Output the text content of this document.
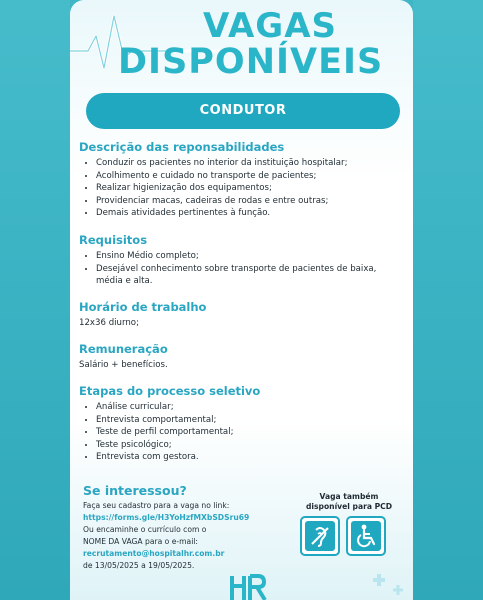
VAGAS
DISPONÍVEIS
CONDUTOR
Descrição das reponsabilidades
• Conduzir os pacientes no interior da instituição hospitalar;
• Acolhimento e cuidado no transporte de pacientes;
• Realizar higienização dos equipamentos;
• Providenciar macas, cadeiras de rodas e entre outras;
• Demais atividades pertinentes à função.
Requisitos
• Ensino Médio completo;
• Desejável conhecimento sobre transporte de pacientes de baixa, média e alta.
Horário de trabalho

12x36 diurno;

Remuneração

Salário + benefícios.

Etapas do processo seletivo
• Análise curricular;
• Entrevista comportamental;
• Teste de perfil comportamental;
• Teste psicológico;
• Entrevista com gestora.
Se interessou?
Faça seu cadastro para a vaga no link:
https://forms.gle/H3YoHzfMXbSDSru69
Ou encaminhe o currículo com o
NOME DA VAGA para o e-mail:
recrutamento@hospitalhr.com.br
de 13/05/2025 a 19/05/2025.
Vaga também
disponível para PCD
